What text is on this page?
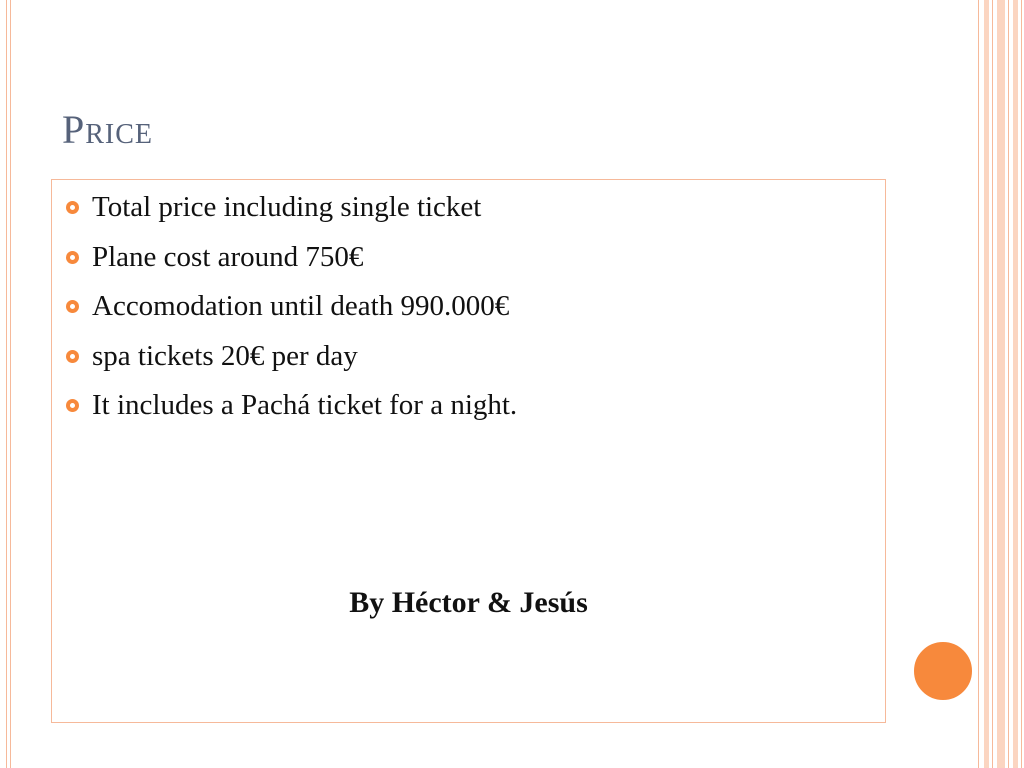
Price
Total price including single ticket
Plane cost around 750€
Accomodation until death 990.000€
spa tickets 20€ per day
It includes a Pachá ticket for a night.
By Héctor & Jesús
